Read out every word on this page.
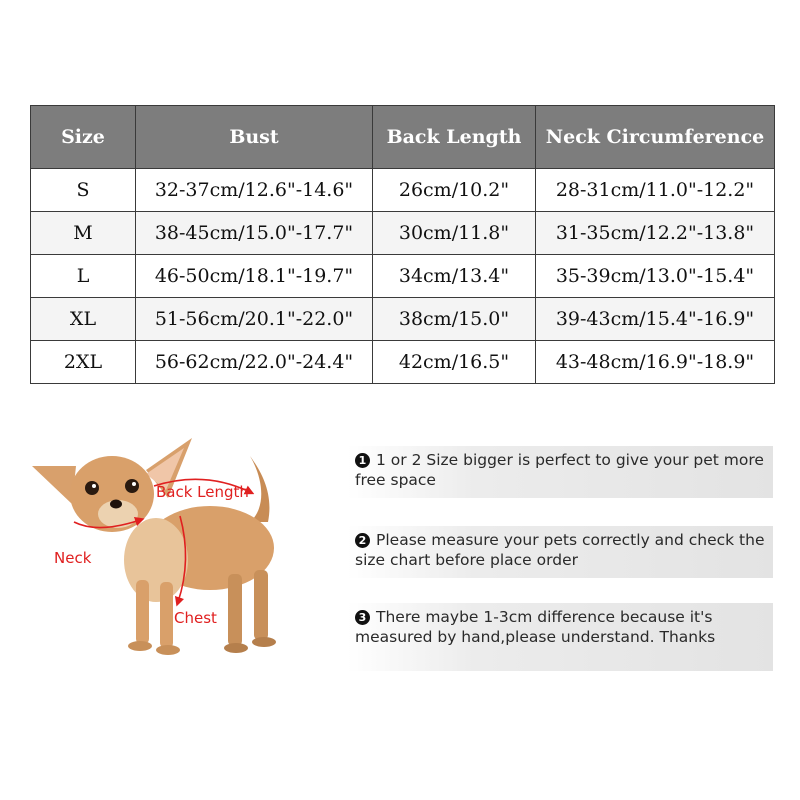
Size	Bust	Back Length	Neck Circumference
S	32-37cm/12.6"-14.6"	26cm/10.2"	28-31cm/11.0"-12.2"
M	38-45cm/15.0"-17.7"	30cm/11.8"	31-35cm/12.2"-13.8"
L	46-50cm/18.1"-19.7"	34cm/13.4"	35-39cm/13.0"-15.4"
XL	51-56cm/20.1"-22.0"	38cm/15.0"	39-43cm/15.4"-16.9"
2XL	56-62cm/22.0"-24.4"	42cm/16.5"	43-48cm/16.9"-18.9"
Back Length
Neck
Chest
1 1 or 2 Size bigger is perfect to give your pet more free space
2 Please measure your pets correctly and check the size chart before place order
3 There maybe 1-3cm difference because it's measured by hand,please understand. Thanks
